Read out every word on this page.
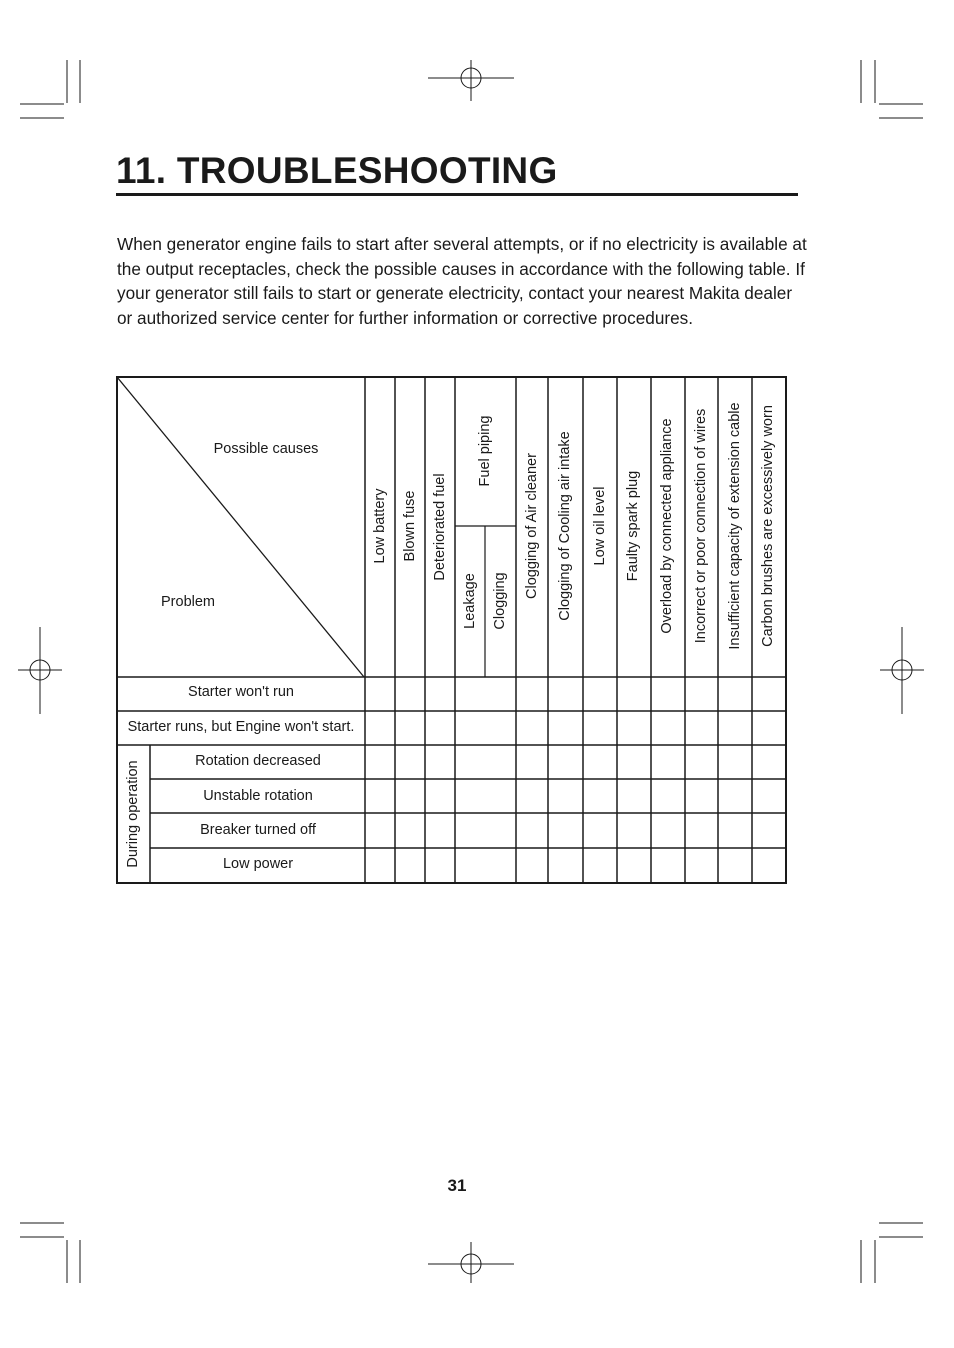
11. TROUBLESHOOTING

When generator engine fails to start after several attempts, or if no electricity is available at the output receptacles, check the possible causes in accordance with the following table. If your generator still fails to start or generate electricity, contact your nearest Makita dealer or authorized service center for further information or corrective procedures.

Possible causes
Problem
Low battery Blown fuse Deteriorated fuel
Fuel piping
Leakage Clogging
Clogging of Air cleaner Clogging of Cooling air intake Low oil level Faulty spark plug Overload by connected appliance Incorrect or poor connection of wires Insufficient capacity of extension cable Carbon brushes are excessively worn
Starter won't run
Starter runs, but Engine won't start.
During operation	Rotation decreased
Unstable rotation
Breaker turned off
Low power
31
